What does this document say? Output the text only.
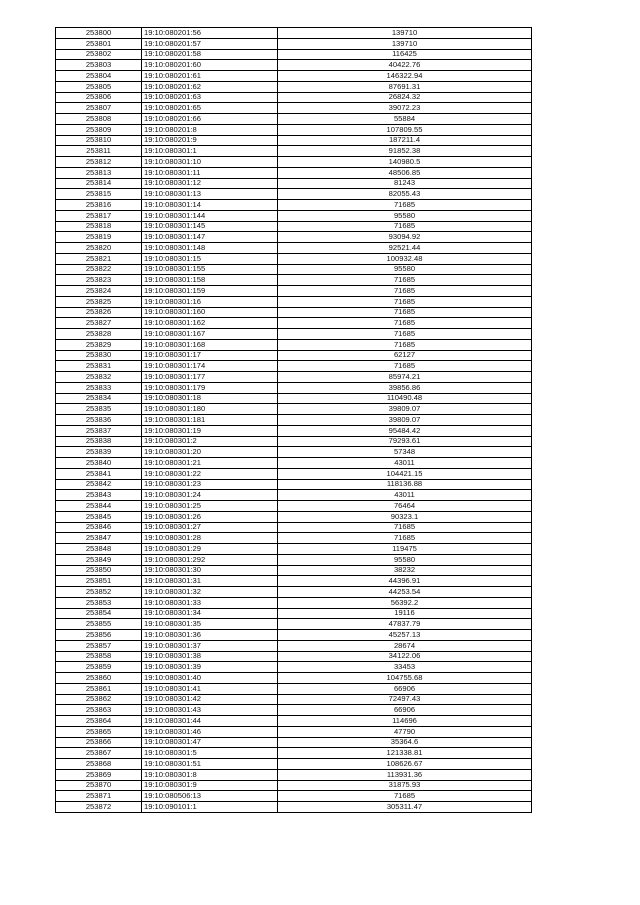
253800	19:10:080201:56	139710
253801	19:10:080201:57	139710
253802	19:10:080201:58	116425
253803	19:10:080201:60	40422.76
253804	19:10:080201:61	146322.94
253805	19:10:080201:62	87691.31
253806	19:10:080201:63	26824.32
253807	19:10:080201:65	39072.23
253808	19:10:080201:66	55884
253809	19:10:080201:8	107809.55
253810	19:10:080201:9	187211.4
253811	19:10:080301:1	91852.38
253812	19:10:080301:10	140980.5
253813	19:10:080301:11	48506.85
253814	19:10:080301:12	81243
253815	19:10:080301:13	82055.43
253816	19:10:080301:14	71685
253817	19:10:080301:144	95580
253818	19:10:080301:145	71685
253819	19:10:080301:147	93094.92
253820	19:10:080301:148	92521.44
253821	19:10:080301:15	100932.48
253822	19:10:080301:155	95580
253823	19:10:080301:158	71685
253824	19:10:080301:159	71685
253825	19:10:080301:16	71685
253826	19:10:080301:160	71685
253827	19:10:080301:162	71685
253828	19:10:080301:167	71685
253829	19:10:080301:168	71685
253830	19:10:080301:17	62127
253831	19:10:080301:174	71685
253832	19:10:080301:177	85974.21
253833	19:10:080301:179	39856.86
253834	19:10:080301:18	110490.48
253835	19:10:080301:180	39809.07
253836	19:10:080301:181	39809.07
253837	19:10:080301:19	95484.42
253838	19:10:080301:2	79293.61
253839	19:10:080301:20	57348
253840	19:10:080301:21	43011
253841	19:10:080301:22	104421.15
253842	19:10:080301:23	118136.88
253843	19:10:080301:24	43011
253844	19:10:080301:25	76464
253845	19:10:080301:26	90323.1
253846	19:10:080301:27	71685
253847	19:10:080301:28	71685
253848	19:10:080301:29	119475
253849	19:10:080301:292	95580
253850	19:10:080301:30	38232
253851	19:10:080301:31	44396.91
253852	19:10:080301:32	44253.54
253853	19:10:080301:33	56392.2
253854	19:10:080301:34	19116
253855	19:10:080301:35	47837.79
253856	19:10:080301:36	45257.13
253857	19:10:080301:37	28674
253858	19:10:080301:38	34122.06
253859	19:10:080301:39	33453
253860	19:10:080301:40	104755.68
253861	19:10:080301:41	66906
253862	19:10:080301:42	72497.43
253863	19:10:080301:43	66906
253864	19:10:080301:44	114696
253865	19:10:080301:46	47790
253866	19:10:080301:47	35364.6
253867	19:10:080301:5	121338.81
253868	19:10:080301:51	108626.67
253869	19:10:080301:8	113931.36
253870	19:10:080301:9	31875.93
253871	19:10:080506:13	71685
253872	19:10:090101:1	305311.47
